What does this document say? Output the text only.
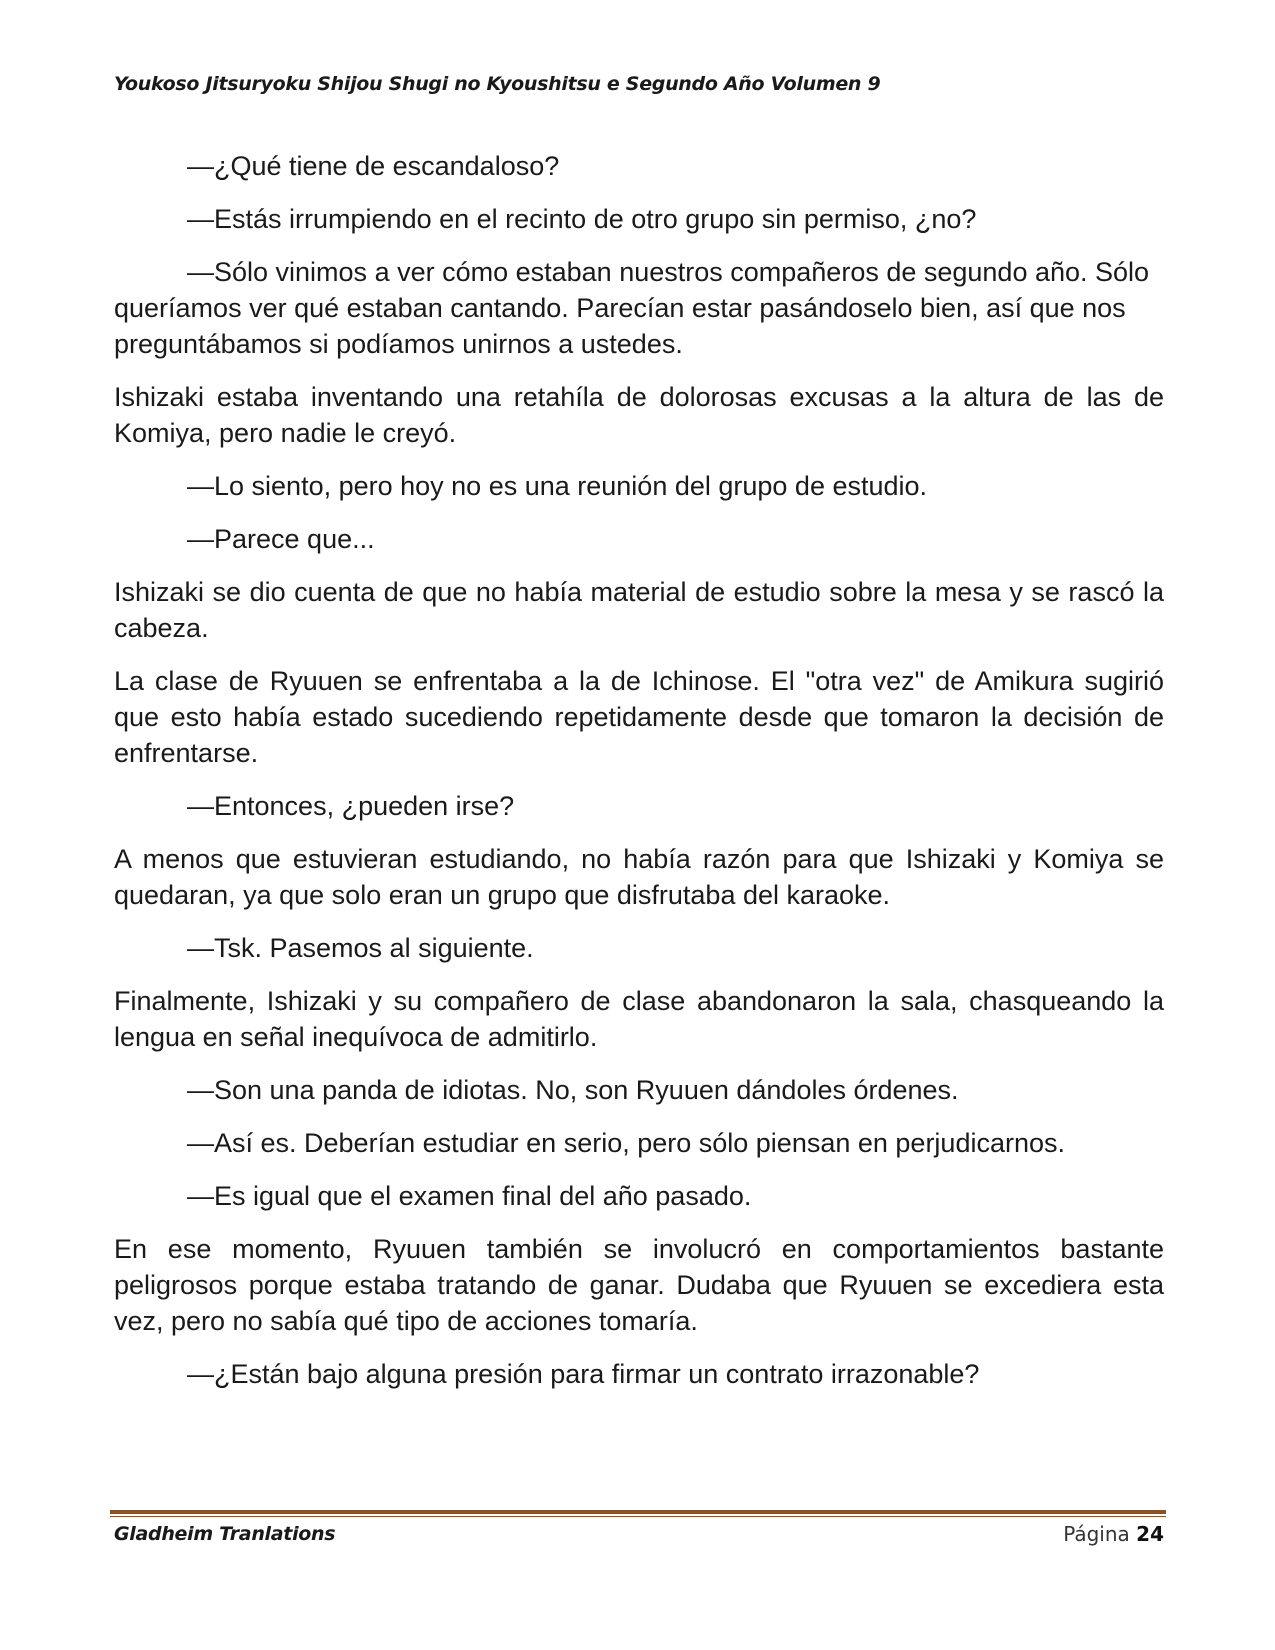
Youkoso Jitsuryoku Shijou Shugi no Kyoushitsu e Segundo Año Volumen 9

—¿Qué tiene de escandaloso?

—Estás irrumpiendo en el recinto de otro grupo sin permiso, ¿no?

—Sólo vinimos a ver cómo estaban nuestros compañeros de segundo año. Sólo queríamos ver qué estaban cantando. Parecían estar pasándoselo bien, así que nos preguntábamos si podíamos unirnos a ustedes.

Ishizaki estaba inventando una retahíla de dolorosas excusas a la altura de las de Komiya, pero nadie le creyó.

—Lo siento, pero hoy no es una reunión del grupo de estudio.

—Parece que...

Ishizaki se dio cuenta de que no había material de estudio sobre la mesa y se rascó la cabeza.

La clase de Ryuuen se enfrentaba a la de Ichinose. El "otra vez" de Amikura sugirió que esto había estado sucediendo repetidamente desde que tomaron la decisión de enfrentarse.

—Entonces, ¿pueden irse?

A menos que estuvieran estudiando, no había razón para que Ishizaki y Komiya se quedaran, ya que solo eran un grupo que disfrutaba del karaoke.

—Tsk. Pasemos al siguiente.

Finalmente, Ishizaki y su compañero de clase abandonaron la sala, chasqueando la lengua en señal inequívoca de admitirlo.

—Son una panda de idiotas. No, son Ryuuen dándoles órdenes.

—Así es. Deberían estudiar en serio, pero sólo piensan en perjudicarnos.

—Es igual que el examen final del año pasado.

En ese momento, Ryuuen también se involucró en comportamientos bastante peligrosos porque estaba tratando de ganar. Dudaba que Ryuuen se excediera esta vez, pero no sabía qué tipo de acciones tomaría.

—¿Están bajo alguna presión para firmar un contrato irrazonable?

Gladheim Tranlations	Página 24
